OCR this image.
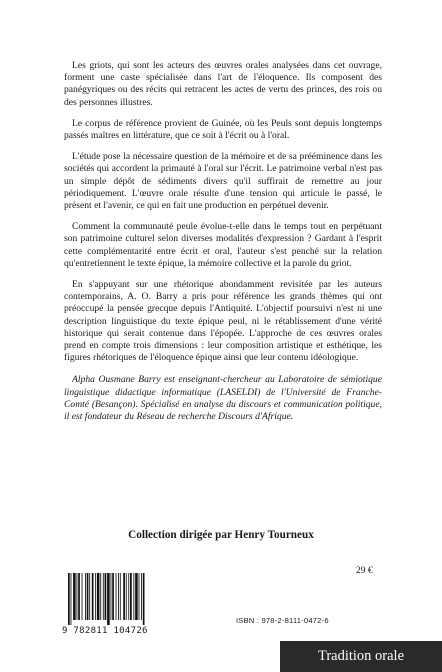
Les griots, qui sont les acteurs des œuvres orales analysées dans cet ouvrage, forment une caste spécialisée dans l'art de l'éloquence. Ils composent des panégyriques ou des récits qui retracent les actes de vertu des princes, des rois ou des personnes illustres.

Le corpus de référence provient de Guinée, où les Peuls sont depuis longtemps passés maîtres en littérature, que ce soit à l'écrit ou à l'oral.

L'étude pose la nécessaire question de la mémoire et de sa prééminence dans les sociétés qui accordent la primauté à l'oral sur l'écrit. Le patrimoine verbal n'est pas un simple dépôt de sédiments divers qu'il suffirait de remettre au jour périodiquement. L'œuvre orale résulte d'une tension qui articule le passé, le présent et l'avenir, ce qui en fait une production en perpétuel devenir.

Comment la communauté peule évolue-t-elle dans le temps tout en perpétuant son patrimoine culturel selon diverses modalités d'expression ? Gardant à l'esprit cette complémentarité entre écrit et oral, l'auteur s'est penché sur la relation qu'entretiennent le texte épique, la mémoire collective et la parole du griot.

En s'appuyant sur une rhétorique abondamment revisitée par les auteurs contemporains, A. O. Barry a pris pour référence les grands thèmes qui ont préoccupé la pensée grecque depuis l'Antiquité. L'objectif poursuivi n'est ni une description linguistique du texte épique peul, ni le rétablissement d'une vérité historique qui serait contenue dans l'épopée. L'approche de ces œuvres orales prend en compte trois dimensions : leur composition artistique et esthétique, les figures rhétoriques de l'éloquence épique ainsi que leur contenu idéologique.

Alpha Ousmane Barry est enseignant-chercheur au Laboratoire de sémiotique linguistique didactique informatique (LASELDI) de l'Université de Franche-Comté (Besançon). Spécialisé en analyse du discours et communication politique, il est fondateur du Réseau de recherche Discours d'Afrique.

Collection dirigée par Henry Tourneux
29 €
9 782811 104726
ISBN : 978-2-8111-0472-6
Tradition orale
